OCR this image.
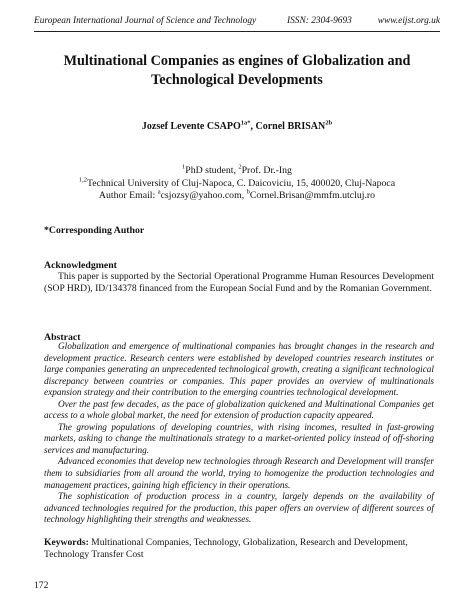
European International Journal of Science and Technology	ISSN: 2304-9693	www.eijst.org.uk
Multinational Companies as engines of Globalization and
Technological Developments
Jozsef Levente $CSAPO^{1a*}$, Cornel $BRISAN^{2b}$
$^1$PhD student, $^2$Prof. Dr.-Ing
$^{1,2}$Technical University of Cluj-Napoca, C. Daicoviciu, 15, 400020, Cluj-Napoca
Author Email: $^a$csjozsy@yahoo.com, $^b$Cornel.Brisan@mmfm.utcluj.ro
*Corresponding Author
Acknowledgment
This paper is supported by the Sectorial Operational Programme Human Resources Development (SOP HRD), ID/134378 financed from the European Social Fund and by the Romanian Government.
Abstract

Globalization and emergence of multinational companies has brought changes in the research and development practice. Research centers were established by developed countries research institutes or large companies generating an unprecedented technological growth, creating a significant technological discrepancy between countries or companies. This paper provides an overview of multinationals expansion strategy and their contribution to the emerging countries technological development.

Over the past few decades, as the pace of globalization quickened and Multinational Companies get access to a whole global market, the need for extension of production capacity appeared.

The growing populations of developing countries, with rising incomes, resulted in fast-growing markets, asking to change the multinationals strategy to a market-oriented policy instead of off-shoring services and manufacturing.

Advanced economies that develop new technologies through Research and Development will transfer them to subsidiaries from all around the world, trying to homogenize the production technologies and management practices, gaining high efficiency in their operations.

The sophistication of production process in a country, largely depends on the availability of advanced technologies required for the production, this paper offers an overview of different sources of technology highlighting their strengths and weaknesses.

Keywords: Multinational Companies, Technology, Globalization, Research and Development, Technology Transfer Cost
172
